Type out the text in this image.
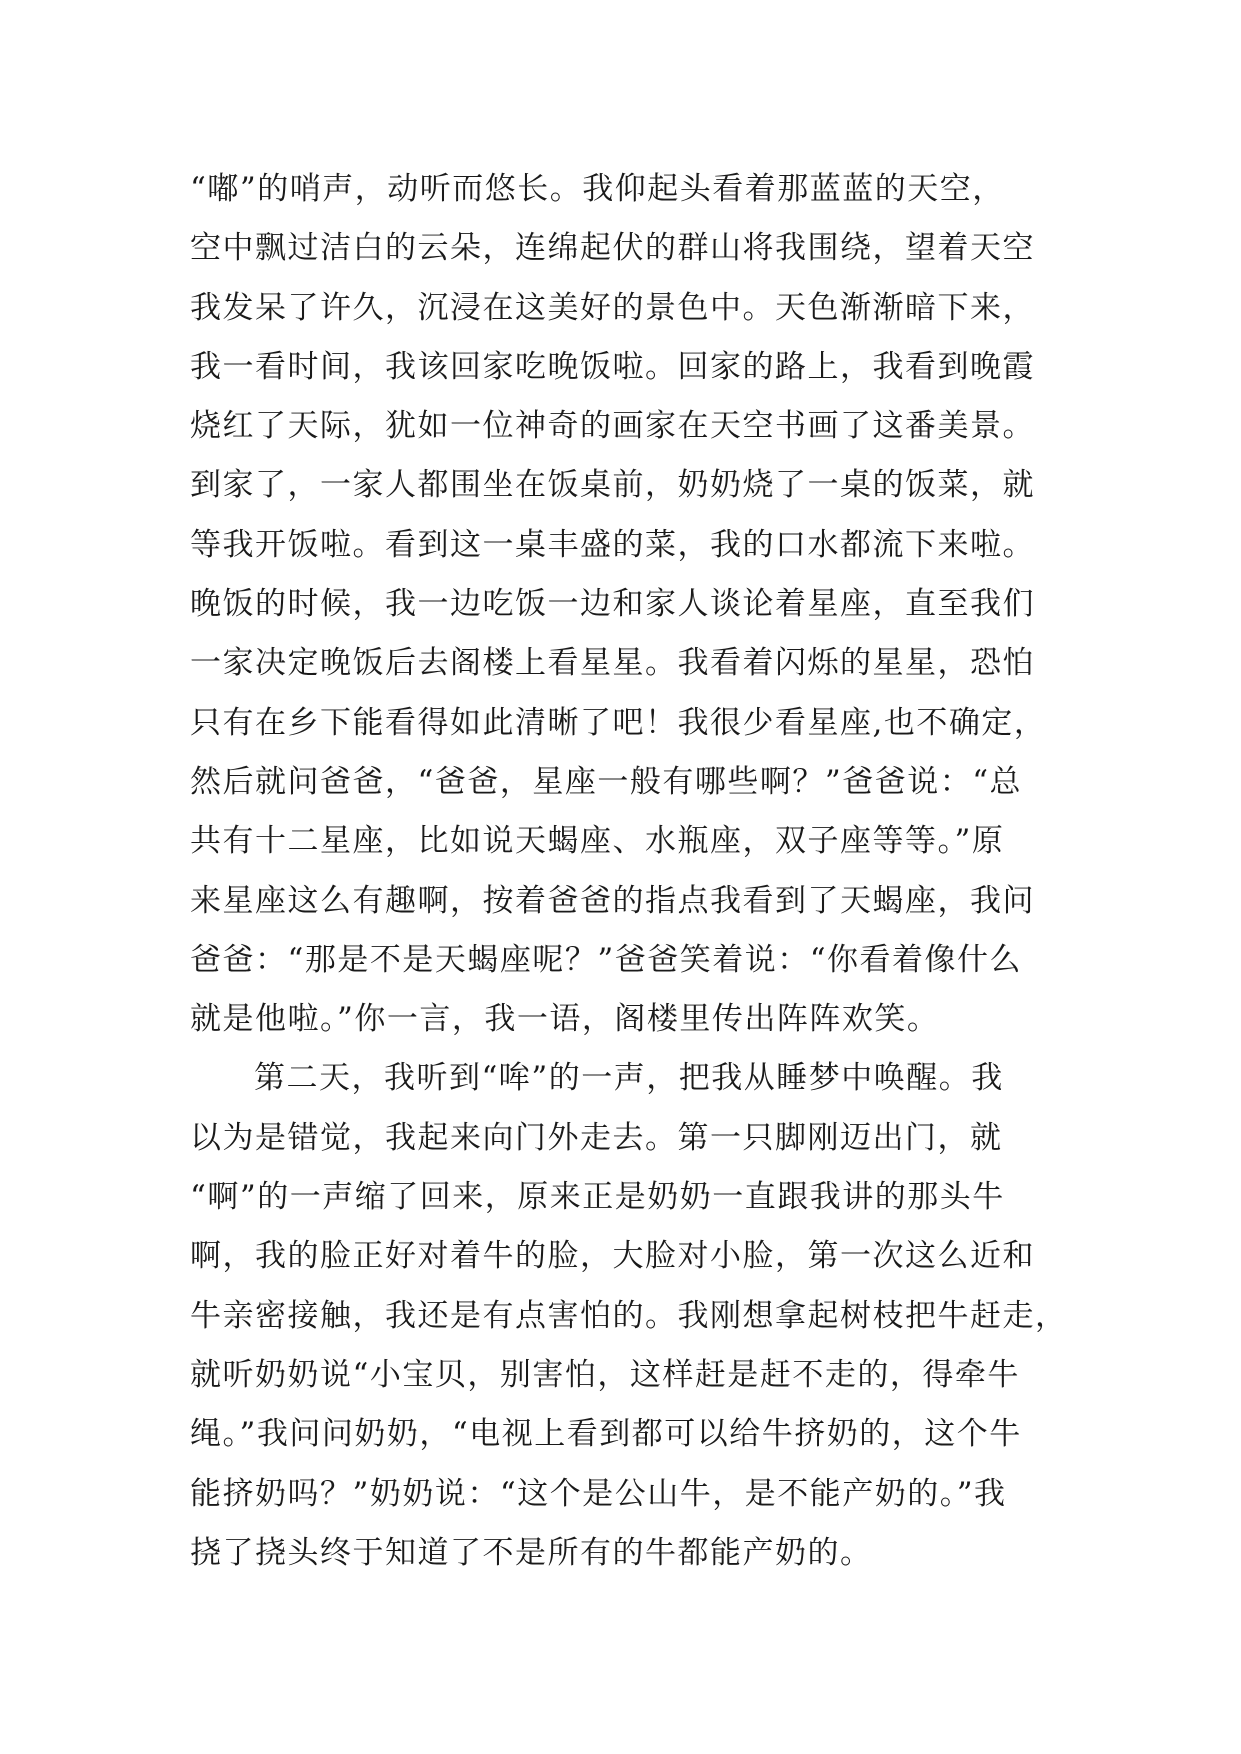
“嘟”的哨声，动听而悠长。我仰起头看着那蓝蓝的天空，
空中飘过洁白的云朵，连绵起伏的群山将我围绕，望着天空
我发呆了许久，沉浸在这美好的景色中。天色渐渐暗下来，
我一看时间，我该回家吃晚饭啦。回家的路上，我看到晚霞
烧红了天际，犹如一位神奇的画家在天空书画了这番美景。
到家了，一家人都围坐在饭桌前，奶奶烧了一桌的饭菜，就
等我开饭啦。看到这一桌丰盛的菜，我的口水都流下来啦。
晚饭的时候，我一边吃饭一边和家人谈论着星座，直至我们
一家决定晚饭后去阁楼上看星星。我看着闪烁的星星，恐怕
只有在乡下能看得如此清晰了吧！我很少看星座,也不确定，
然后就问爸爸，“爸爸，星座一般有哪些啊？”爸爸说：“总
共有十二星座，比如说天蝎座、水瓶座，双子座等等。”原
来星座这么有趣啊，按着爸爸的指点我看到了天蝎座，我问
爸爸：“那是不是天蝎座呢？”爸爸笑着说：“你看着像什么
就是他啦。”你一言，我一语，阁楼里传出阵阵欢笑。
第二天，我听到“哞”的一声，把我从睡梦中唤醒。我
以为是错觉，我起来向门外走去。第一只脚刚迈出门，就
“啊”的一声缩了回来，原来正是奶奶一直跟我讲的那头牛
啊，我的脸正好对着牛的脸，大脸对小脸，第一次这么近和
牛亲密接触，我还是有点害怕的。我刚想拿起树枝把牛赶走，
就听奶奶说“小宝贝，别害怕，这样赶是赶不走的，得牵牛
绳。”我问问奶奶，“电视上看到都可以给牛挤奶的，这个牛
能挤奶吗？”奶奶说：“这个是公山牛，是不能产奶的。”我
挠了挠头终于知道了不是所有的牛都能产奶的。
